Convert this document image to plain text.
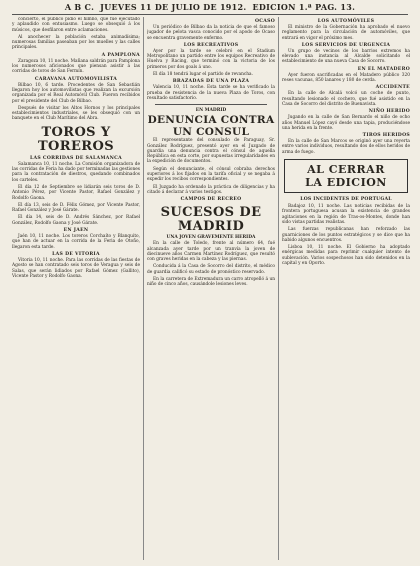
A B C. JUEVES 11 DE JULIO DE 1912. EDICION 1.ª PAG. 13.

concierto, el público pidió el himno, que fué ejecutado y aplaudido con entusiasmo. Luego se obsequió á los músicos, que desfilaron entre aclamaciones.

Al anochecer la población estaba animadísima; numerosas familias paseaban por los muelles y las calles principales.

A PAMPLONA

Zaragoza 10, 11 noche. Mañana saldrán para Pamplona los numerosos aficionados que piensan asistir á las corridas de toros de San Fermín.

CARAVANA AUTOMOVILISTA

Bilbao 10, 6 tarde. Procedentes de San Sebastián llegaron hoy los automovilistas que realizan la excursión organizada por el Real Automóvil Club. Fueron recibidos por el presidente del Club de Bilbao.

Después de visitar los Altos Hornos y los principales establecimientos industriales, se les obsequió con un banquete en el Club Marítimo del Abra.

TOROS Y TOREROS
LAS CORRIDAS DE SALAMANCA

Salamanca 10, 11 noche. La Comisión organizadora de las corridas de Feria ha dado por terminadas las gestiones para la contratación de diestros, quedando combinados los carteles.

El día 12 de Septiembre se lidiarán seis toros de D. Antonio Pérez, por Vicente Pastor, Rafael González y Rodolfo Gaona.

El día 13, seis de D. Félix Gómez, por Vicente Pastor, Rafael González y José Gárate.

El día 14, seis de D. Andrés Sánchez, por Rafael González, Rodolfo Gaona y José Gárate.

EN JAEN

Jaén 10, 11 noche. Los toreros Corchaíto y Blanquito, que han de actuar en la corrida de la Feria de Otoño, llegaron esta tarde.

LAS DE VITORIA

Vitoria 10, 11 noche. Para las corridas de las fiestas de Agosto se han contratado seis toros de Veragua y seis de Salas, que serán lidiados por Rafael Gómez (Gallito), Vicente Pastor y Rodolfo Gaona.

OCASO

Un periódico de Bilbao da la noticia de que el famoso jugador de pelota vasca conocido por el apodo de Ocaso se encuentra gravemente enfermo.

LOS RECREATIVOS

Ayer por la tarde se celebró en el Stadium Metropolitano un partido entre los equipos Recreativo de Huelva y Racing, que terminó con la victoria de los primeros por dos goals á uno.

El día 18 tendrá lugar el partido de revancha.

BRAZADAS DE UNA PLAZA

Valencia 10, 11 noche. Esta tarde se ha verificado la prueba de resistencia de la nueva Plaza de Toros, con resultado satisfactorio.

EN MADRID
DENUNCIA CONTRA
UN CONSUL

El representante del consulado de Paraguay, Sr. González Rodríguez, presentó ayer en el Juzgado de guardia una denuncia contra el cónsul de aquella República en esta corte, por supuestas irregularidades en la expedición de documentos.

Según el denunciante, el cónsul cobraba derechos superiores á los fijados en la tarifa oficial y se negaba á expedir los recibos correspondientes.

El Juzgado ha ordenado la práctica de diligencias y ha citado á declarar á varios testigos.

CAMPOS DE RECREO
SUCESOS DE MADRID
UNA JOVEN GRAVEMENTE HERIDA

En la calle de Toledo, frente al número 64, fué alcanzada ayer tarde por un tranvía la joven de diecinueve años Carmen Martínez Rodríguez, que resultó con graves heridas en la cabeza y las piernas.

Conducida á la Casa de Socorro del distrito, el médico de guardia calificó su estado de pronóstico reservado.

En la carretera de Extremadura un carro atropelló á un niño de cinco años, causándole lesiones leves.

LOS AUTOMÓVILES

El ministro de la Gobernación ha aprobado el nuevo reglamento para la circulación de automóviles, que entrará en vigor el próximo mes.

LOS SERVICIOS DE URGENCIA

Un grupo de vecinos de los barrios extremos ha elevado una instancia al Alcalde solicitando el establecimiento de una nueva Casa de Socorro.

EN EL MATADERO

Ayer fueron sacrificadas en el Matadero público 320 reses vacunas, 850 lanares y 180 de cerda.

ACCIDENTE

En la calle de Alcalá volcó un coche de punto, resultando lesionado el cochero, que fué asistido en la Casa de Socorro del distrito de Buenavista.

NIÑO HERIDO

Jugando en la calle de San Bernardo el niño de ocho años Manuel López cayó desde una tapia, produciéndose una herida en la frente.

TIROS HERIDOS

En la calle de San Marcos se originó ayer una reyerta entre varios individuos, resultando dos de ellos heridos de arma de fuego.

AL CERRAR
LA EDICION
LOS INCIDENTES DE PORTUGAL

Badajoz 10, 11 noche. Las noticias recibidas de la frontera portuguesa acusan la existencia de grandes agitaciones en la región de Tras-os-Montes, donde han sido vistas partidas realistas.

Las fuerzas republicanas han reforzado las guarniciones de los puntos estratégicos y se dice que ha habido algunos encuentros.

Lisboa 10, 11 noche. El Gobierno ha adoptado enérgicas medidas para reprimir cualquier intento de sublevación. Varios sospechosos han sido detenidos en la capital y en Oporto.
